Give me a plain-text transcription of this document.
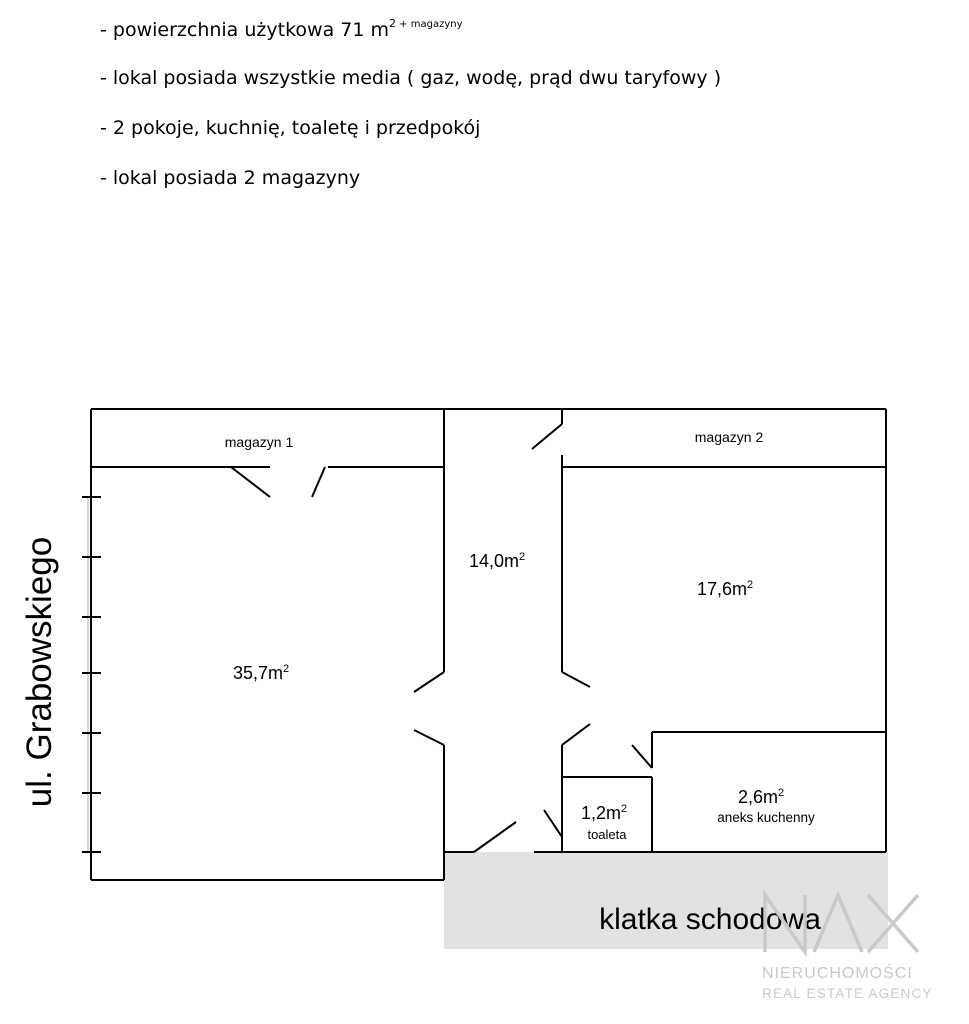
- powierzchnia użytkowa 71 $m^2$ $^{+ magazyny}$
- lokal posiada wszystkie media ( gaz, wodę, prąd dwu taryfowy )
- 2 pokoje, kuchnię, toaletę i przedpokój
- lokal posiada 2 magazyny
magazyn 1	magazyn 2
$14,0m^2$
$17,6m^2$
$35,7m^2$
$1,2m^2$
toaleta
$2,6m^2$
aneks kuchenny
klatka schodowa
ul. Grabowskiego
NIERUCHOMOŚCI
REAL ESTATE AGENCY
